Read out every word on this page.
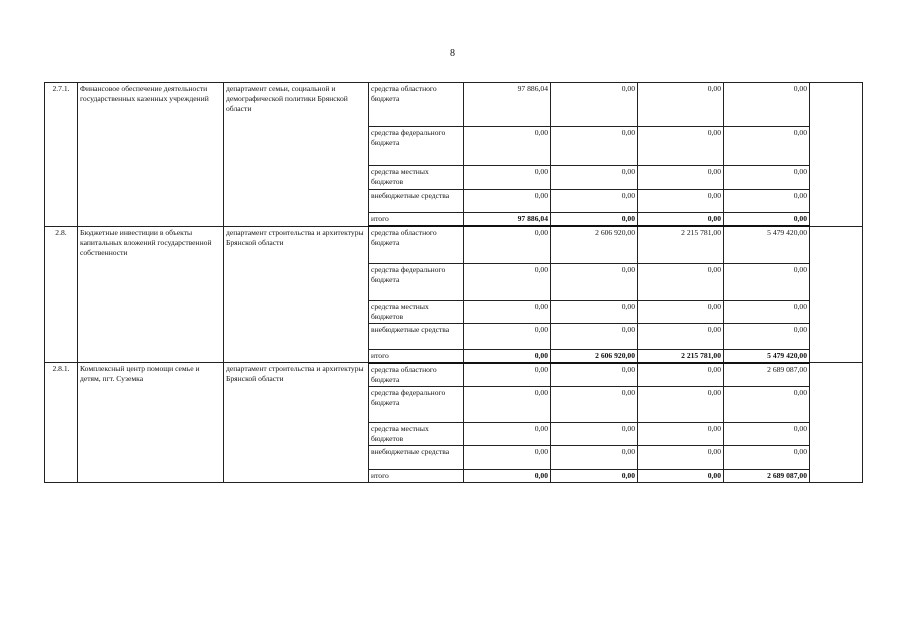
8
2.7.1.	Финансовое обеспечение деятельности государственных казенных учреждений	департамент семьи, социальной и демографической политики Брянской области	средства областного бюджета	97 886,04	0,00	0,00	0,00	
			средства федерального бюджета	0,00	0,00	0,00	0,00	
			средства местных бюджетов	0,00	0,00	0,00	0,00	
			внебюджетные средства	0,00	0,00	0,00	0,00	
			итого	97 886,04	0,00	0,00	0,00	
2.8.	Бюджетные инвестиции в объекты капитальных вложений государственной собственности	департамент строительства и архитектуры Брянской области	средства областного бюджета	0,00	2 606 920,00	2 215 781,00	5 479 420,00	
			средства федерального бюджета	0,00	0,00	0,00	0,00	
			средства местных бюджетов	0,00	0,00	0,00	0,00	
			внебюджетные средства	0,00	0,00	0,00	0,00	
			итого	0,00	2 606 920,00	2 215 781,00	5 479 420,00	
2.8.1.	Комплексный центр помощи семье и детям, пгт. Суземка	департамент строительства и архитектуры Брянской области	средства областного бюджета	0,00	0,00	0,00	2 689 087,00	
			средства федерального бюджета	0,00	0,00	0,00	0,00	
			средства местных бюджетов	0,00	0,00	0,00	0,00	
			внебюджетные средства	0,00	0,00	0,00	0,00	
			итого	0,00	0,00	0,00	2 689 087,00	
